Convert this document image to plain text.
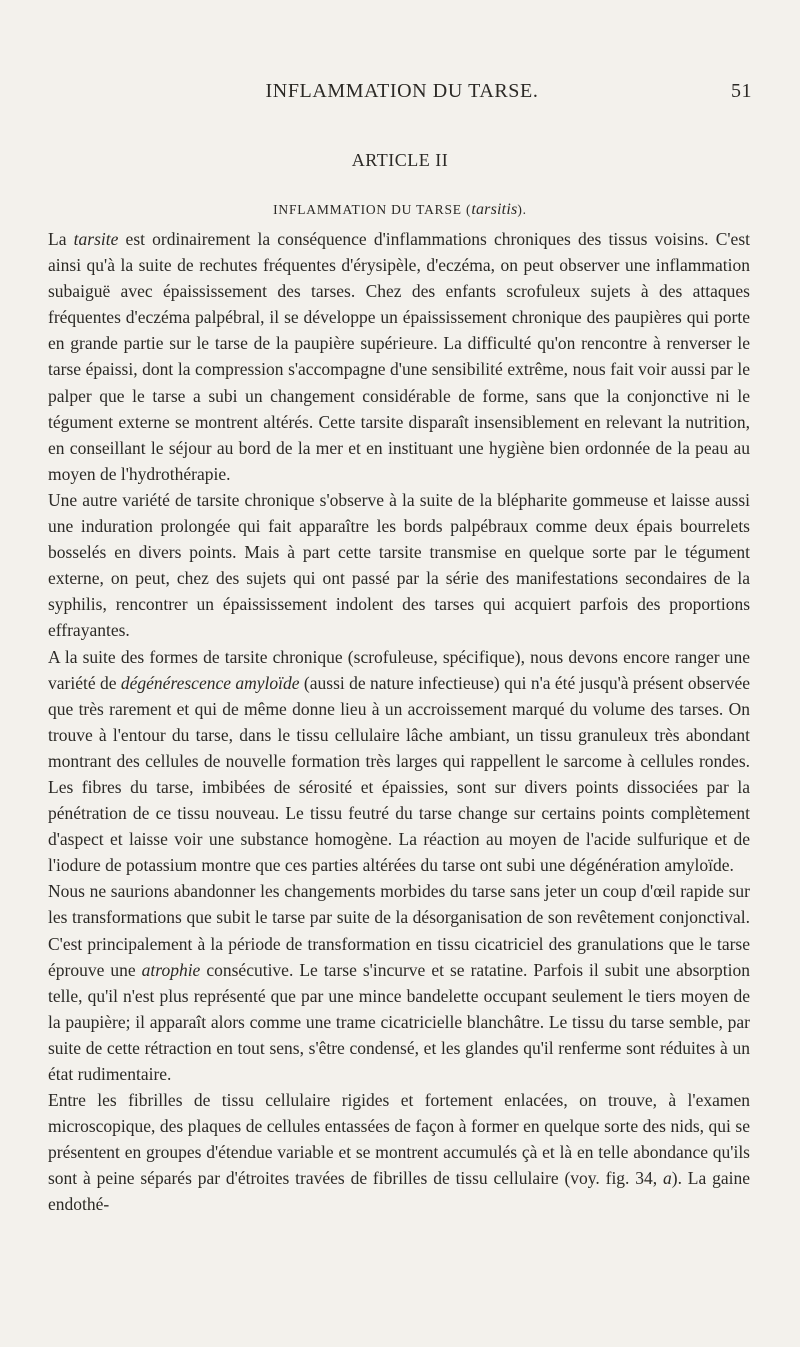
INFLAMMATION DU TARSE.	51
ARTICLE II
INFLAMMATION DU TARSE (tarsitis).

La tarsite est ordinairement la conséquence d'inflammations chroniques des tissus voisins. C'est ainsi qu'à la suite de rechutes fréquentes d'érysipèle, d'eczéma, on peut observer une inflammation subaiguë avec épaississement des tarses. Chez des enfants scrofuleux sujets à des attaques fréquentes d'eczéma palpébral, il se développe un épaississement chronique des paupières qui porte en grande partie sur le tarse de la paupière supérieure. La difficulté qu'on rencontre à renverser le tarse épaissi, dont la compression s'accompagne d'une sensibilité extrême, nous fait voir aussi par le palper que le tarse a subi un changement considérable de forme, sans que la conjonctive ni le tégument externe se montrent altérés. Cette tarsite disparaît insensiblement en relevant la nutrition, en conseillant le séjour au bord de la mer et en instituant une hygiène bien ordonnée de la peau au moyen de l'hydrothérapie.

Une autre variété de tarsite chronique s'observe à la suite de la blépharite gommeuse et laisse aussi une induration prolongée qui fait apparaître les bords palpébraux comme deux épais bourrelets bosselés en divers points. Mais à part cette tarsite transmise en quelque sorte par le tégument externe, on peut, chez des sujets qui ont passé par la série des manifestations secondaires de la syphilis, rencontrer un épaississement indolent des tarses qui acquiert parfois des proportions effrayantes.

A la suite des formes de tarsite chronique (scrofuleuse, spécifique), nous devons encore ranger une variété de dégénérescence amyloïde (aussi de nature infectieuse) qui n'a été jusqu'à présent observée que très rarement et qui de même donne lieu à un accroissement marqué du volume des tarses. On trouve à l'entour du tarse, dans le tissu cellulaire lâche ambiant, un tissu granuleux très abondant montrant des cellules de nouvelle formation très larges qui rappellent le sarcome à cellules rondes. Les fibres du tarse, imbibées de sérosité et épaissies, sont sur divers points dissociées par la pénétration de ce tissu nouveau. Le tissu feutré du tarse change sur certains points complètement d'aspect et laisse voir une substance homogène. La réaction au moyen de l'acide sulfurique et de l'iodure de potassium montre que ces parties altérées du tarse ont subi une dégénération amyloïde.

Nous ne saurions abandonner les changements morbides du tarse sans jeter un coup d'œil rapide sur les transformations que subit le tarse par suite de la désorganisation de son revêtement conjonctival. C'est principalement à la période de transformation en tissu cicatriciel des granulations que le tarse éprouve une atrophie consécutive. Le tarse s'incurve et se ratatine. Parfois il subit une absorption telle, qu'il n'est plus représenté que par une mince bandelette occupant seulement le tiers moyen de la paupière; il apparaît alors comme une trame cicatricielle blanchâtre. Le tissu du tarse semble, par suite de cette rétraction en tout sens, s'être condensé, et les glandes qu'il renferme sont réduites à un état rudimentaire.

Entre les fibrilles de tissu cellulaire rigides et fortement enlacées, on trouve, à l'examen microscopique, des plaques de cellules entassées de façon à former en quelque sorte des nids, qui se présentent en groupes d'étendue variable et se montrent accumulés çà et là en telle abondance qu'ils sont à peine séparés par d'étroites travées de fibrilles de tissu cellulaire (voy. fig. 34, a). La gaine endothé-
